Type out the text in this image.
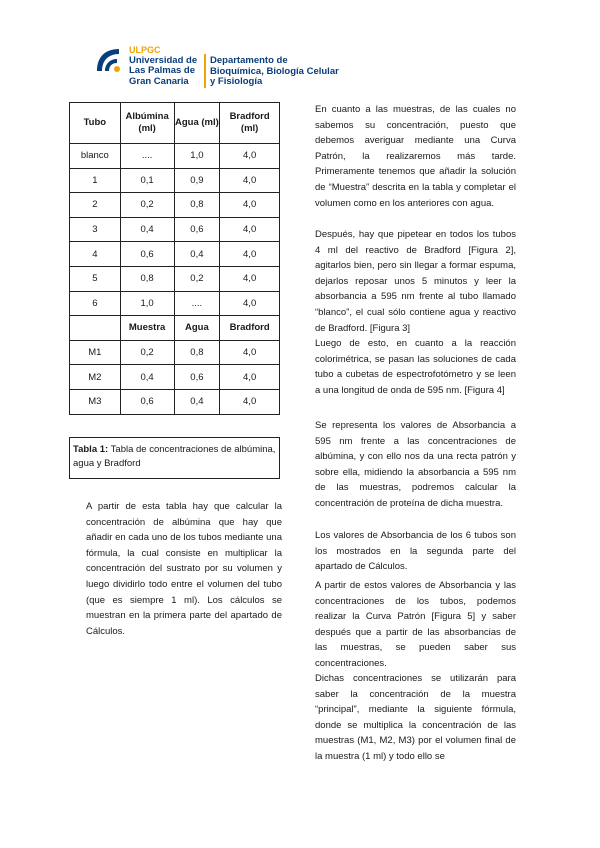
ULPGC
Universidad de
Las Palmas de
Gran Canaria
Departamento de
Bioquímica, Biología Celular
y Fisiología
Tubo	Albúmina (ml)	Agua (ml)	Bradford (ml)
blanco	....	1,0	4,0
1	0,1	0,9	4,0
2	0,2	0,8	4,0
3	0,4	0,6	4,0
4	0,6	0,4	4,0
5	0,8	0,2	4,0
6	1,0	....	4,0
	Muestra	Agua	Bradford
M1	0,2	0,8	4,0
M2	0,4	0,6	4,0
M3	0,6	0,4	4,0
Tabla 1: Tabla de concentraciones de albúmina, agua y Bradford

A partir de esta tabla hay que calcular la concentración de albúmina que hay que añadir en cada uno de los tubos mediante una fórmula, la cual consiste en multiplicar la concentración del sustrato por su volumen y luego dividirlo todo entre el volumen del tubo (que es siempre 1 ml). Los cálculos se muestran en la primera parte del apartado de Cálculos.

En cuanto a las muestras, de las cuales no sabemos su concentración, puesto que debemos averiguar mediante una Curva Patrón, la realizaremos más tarde. Primeramente tenemos que añadir la solución de “Muestra” descrita en la tabla y completar el volumen como en los anteriores con agua.

Después, hay que pipetear en todos los tubos 4 ml del reactivo de Bradford [Figura 2], agitarlos bien, pero sin llegar a formar espuma, dejarlos reposar unos 5 minutos y leer la absorbancia a 595 nm frente al tubo llamado “blanco”, el cual sólo contiene agua y reactivo de Bradford. [Figura 3]

Luego de esto, en cuanto a la reacción colorimétrica, se pasan las soluciones de cada tubo a cubetas de espectrofotómetro y se leen a una longitud de onda de 595 nm. [Figura 4]

Se representa los valores de Absorbancia a 595 nm frente a las concentraciones de albúmina, y con ello nos da una recta patrón y sobre ella, midiendo la absorbancia a 595 nm de las muestras, podremos calcular la concentración de proteína de dicha muestra.

Los valores de Absorbancia de los 6 tubos son los mostrados en la segunda parte del apartado de Cálculos.

A partir de estos valores de Absorbancia y las concentraciones de los tubos, podemos realizar la Curva Patrón [Figura 5] y saber después que a partir de las absorbancias de las muestras, se pueden saber sus concentraciones.

Dichas concentraciones se utilizarán para saber la concentración de la muestra “principal”, mediante la siguiente fórmula, donde se multiplica la concentración de las muestras (M1, M2, M3) por el volumen final de la muestra (1 ml) y todo ello se
